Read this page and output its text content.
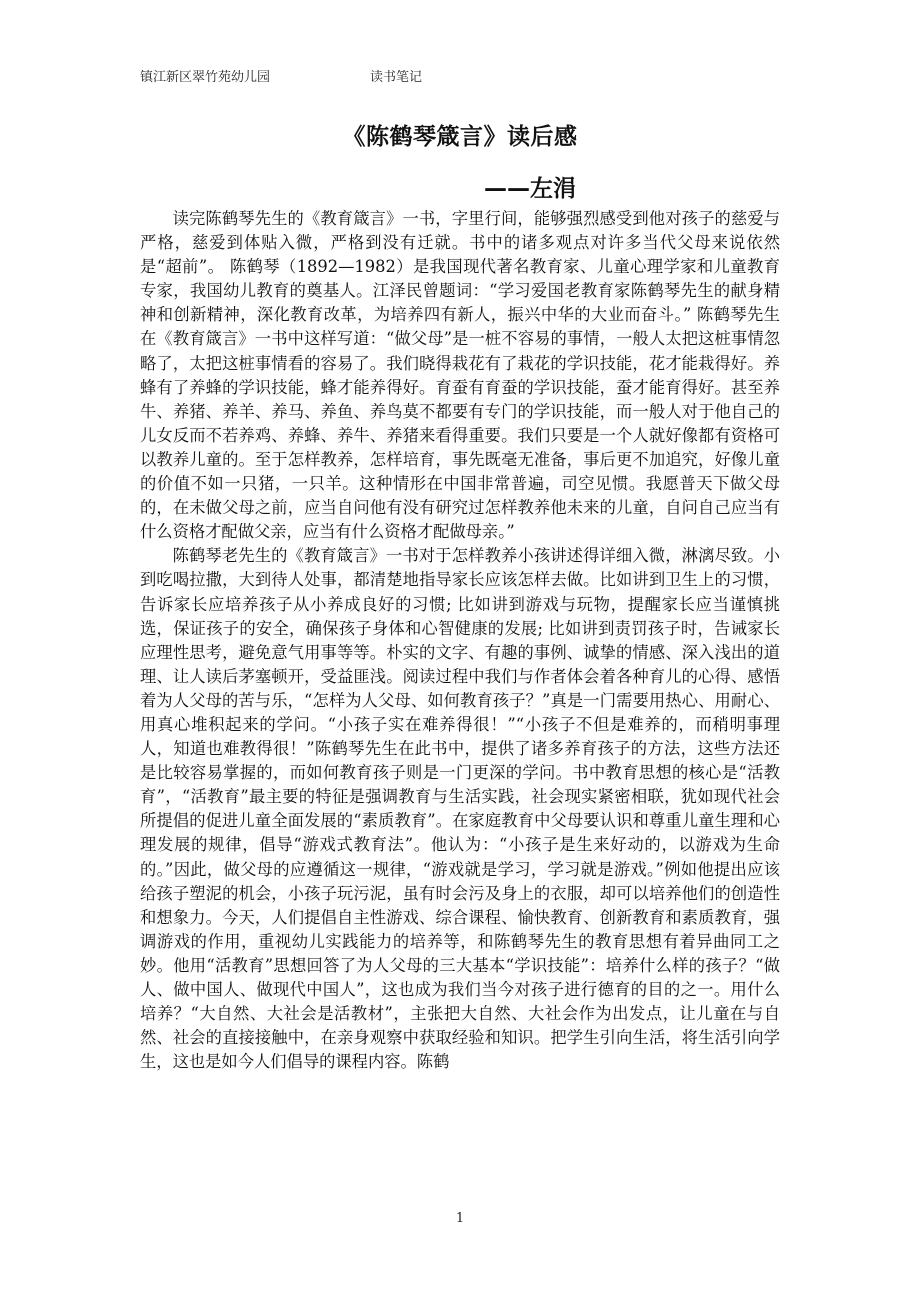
镇江新区翠竹苑幼儿园	读书笔记
《陈鹤琴箴言》读后感
——左涓

读完陈鹤琴先生的《教育箴言》一书，字里行间，能够强烈感受到他对孩子的慈爱与严格，慈爱到体贴入微，严格到没有迁就。书中的诸多观点对许多当代父母来说依然是“超前”。 陈鹤琴（1892—1982）是我国现代著名教育家、儿童心理学家和儿童教育专家，我国幼儿教育的奠基人。江泽民曾题词：“学习爱国老教育家陈鹤琴先生的献身精神和创新精神，深化教育改革，为培养四有新人，振兴中华的大业而奋斗。” 陈鹤琴先生在《教育箴言》一书中这样写道：“做父母”是一桩不容易的事情，一般人太把这桩事情忽略了，太把这桩事情看的容易了。我们晓得栽花有了栽花的学识技能，花才能栽得好。养蜂有了养蜂的学识技能，蜂才能养得好。育蚕有育蚕的学识技能，蚕才能育得好。甚至养牛、养猪、养羊、养马、养鱼、养鸟莫不都要有专门的学识技能，而一般人对于他自己的儿女反而不若养鸡、养蜂、养牛、养猪来看得重要。我们只要是一个人就好像都有资格可以教养儿童的。至于怎样教养，怎样培育，事先既毫无准备，事后更不加追究，好像儿童的价值不如一只猪，一只羊。这种情形在中国非常普遍，司空见惯。我愿普天下做父母的，在未做父母之前，应当自问他有没有研究过怎样教养他未来的儿童，自问自己应当有什么资格才配做父亲，应当有什么资格才配做母亲。”

陈鹤琴老先生的《教育箴言》一书对于怎样教养小孩讲述得详细入微，淋漓尽致。小到吃喝拉撒，大到待人处事，都清楚地指导家长应该怎样去做。比如讲到卫生上的习惯，告诉家长应培养孩子从小养成良好的习惯; 比如讲到游戏与玩物，提醒家长应当谨慎挑选，保证孩子的安全，确保孩子身体和心智健康的发展; 比如讲到责罚孩子时，告诫家长应理性思考，避免意气用事等等。朴实的文字、有趣的事例、诚挚的情感、深入浅出的道理、让人读后茅塞顿开，受益匪浅。阅读过程中我们与作者体会着各种育儿的心得、感悟着为人父母的苦与乐，“怎样为人父母、如何教育孩子？”真是一门需要用热心、用耐心、用真心堆积起来的学问。“小孩子实在难养得很！”“小孩子不但是难养的，而稍明事理人，知道也难教得很！”陈鹤琴先生在此书中，提供了诸多养育孩子的方法，这些方法还是比较容易掌握的，而如何教育孩子则是一门更深的学问。书中教育思想的核心是“活教育”，“活教育”最主要的特征是强调教育与生活实践，社会现实紧密相联，犹如现代社会所提倡的促进儿童全面发展的“素质教育”。在家庭教育中父母要认识和尊重儿童生理和心理发展的规律，倡导“游戏式教育法”。他认为：“小孩子是生来好动的，以游戏为生命的。”因此，做父母的应遵循这一规律，“游戏就是学习，学习就是游戏。”例如他提出应该给孩子塑泥的机会，小孩子玩污泥，虽有时会污及身上的衣服，却可以培养他们的创造性和想象力。今天，人们提倡自主性游戏、综合课程、愉快教育、创新教育和素质教育，强调游戏的作用，重视幼儿实践能力的培养等，和陈鹤琴先生的教育思想有着异曲同工之妙。他用“活教育”思想回答了为人父母的三大基本“学识技能”：培养什么样的孩子？“做人、做中国人、做现代中国人”，这也成为我们当今对孩子进行德育的目的之一。用什么培养？“大自然、大社会是活教材”，主张把大自然、大社会作为出发点，让儿童在与自然、社会的直接接触中，在亲身观察中获取经验和知识。把学生引向生活，将生活引向学生，这也是如今人们倡导的课程内容。陈鹤

1
